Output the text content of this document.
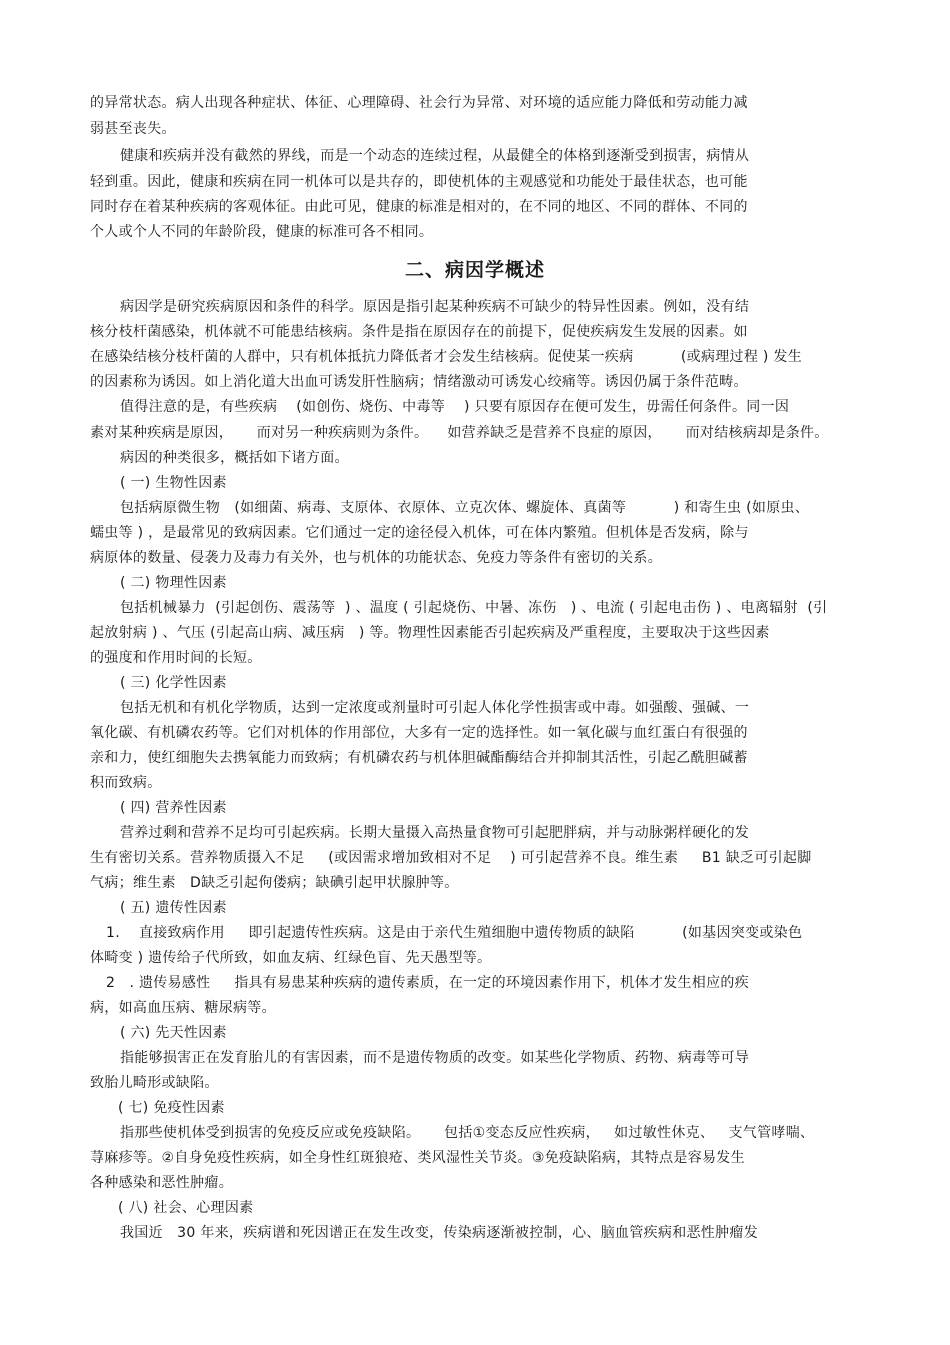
的异常状态。病人出现各种症状、体征、心理障碍、社会行为异常、对环境的适应能力降低和劳动能力减

弱甚至丧失。

健康和疾病并没有截然的界线，而是一个动态的连续过程，从最健全的体格到逐渐受到损害，病情从

轻到重。因此，健康和疾病在同一机体可以是共存的，即使机体的主观感觉和功能处于最佳状态，也可能

同时存在着某种疾病的客观体征。由此可见，健康的标准是相对的，在不同的地区、不同的群体、不同的

个人或个人不同的年龄阶段，健康的标准可各不相同。

二、病因学概述

病因学是研究疾病原因和条件的科学。原因是指引起某种疾病不可缺少的特异性因素。例如，没有结

核分枝杆菌感染，机体就不可能患结核病。条件是指在原因存在的前提下，促使疾病发生发展的因素。如

在感染结核分枝杆菌的人群中，只有机体抵抗力降低者才会发生结核病。促使某一疾病          (或病理过程 ) 发生

的因素称为诱因。如上消化道大出血可诱发肝性脑病；情绪激动可诱发心绞痛等。诱因仍属于条件范畴。

值得注意的是，有些疾病    (如创伤、烧伤、中毒等    ) 只要有原因存在便可发生，毋需任何条件。同一因

素对某种疾病是原因，     而对另一种疾病则为条件。    如营养缺乏是营养不良症的原因，     而对结核病却是条件。

病因的种类很多，概括如下诸方面。

( 一) 生物性因素

包括病原微生物   (如细菌、病毒、支原体、衣原体、立克次体、螺旋体、真菌等          ) 和寄生虫 (如原虫、

蠕虫等 ) ，是最常见的致病因素。它们通过一定的途径侵入机体，可在体内繁殖。但机体是否发病，除与

病原体的数量、侵袭力及毒力有关外，也与机体的功能状态、免疫力等条件有密切的关系。

( 二) 物理性因素

包括机械暴力  (引起创伤、震荡等  ) 、温度 ( 引起烧伤、中暑、冻伤   ) 、电流 ( 引起电击伤 ) 、电离辐射  (引

起放射病 ) 、气压 (引起高山病、减压病   ) 等。物理性因素能否引起疾病及严重程度，主要取决于这些因素

的强度和作用时间的长短。

( 三) 化学性因素

包括无机和有机化学物质，达到一定浓度或剂量时可引起人体化学性损害或中毒。如强酸、强碱、一

氧化碳、有机磷农药等。它们对机体的作用部位，大多有一定的选择性。如一氧化碳与血红蛋白有很强的

亲和力，使红细胞失去携氧能力而致病；有机磷农药与机体胆碱酯酶结合并抑制其活性，引起乙酰胆碱蓄

积而致病。

( 四) 营养性因素

营养过剩和营养不足均可引起疾病。长期大量摄入高热量食物可引起肥胖病，并与动脉粥样硬化的发

生有密切关系。营养物质摄入不足     (或因需求增加致相对不足    ) 可引起营养不良。维生素     B1 缺乏可引起脚

气病；维生素   D缺乏引起佝偻病；缺碘引起甲状腺肿等。

( 五) 遗传性因素

1.    直接致病作用     即引起遗传性疾病。这是由于亲代生殖细胞中遗传物质的缺陷          (如基因突变或染色

体畸变 ) 遗传给子代所致，如血友病、红绿色盲、先天愚型等。

2   . 遗传易感性     指具有易患某种疾病的遗传素质，在一定的环境因素作用下，机体才发生相应的疾

病，如高血压病、糖尿病等。

( 六) 先天性因素

指能够损害正在发育胎儿的有害因素，而不是遗传物质的改变。如某些化学物质、药物、病毒等可导

致胎儿畸形或缺陷。

( 七) 免疫性因素

指那些使机体受到损害的免疫反应或免疫缺陷。     包括①变态反应性疾病，   如过敏性休克、   支气管哮喘、

荨麻疹等。②自身免疫性疾病，如全身性红斑狼疮、类风湿性关节炎。③免疫缺陷病，其特点是容易发生

各种感染和恶性肿瘤。

( 八) 社会、心理因素

我国近   30 年来，疾病谱和死因谱正在发生改变，传染病逐渐被控制，心、脑血管疾病和恶性肿瘤发
